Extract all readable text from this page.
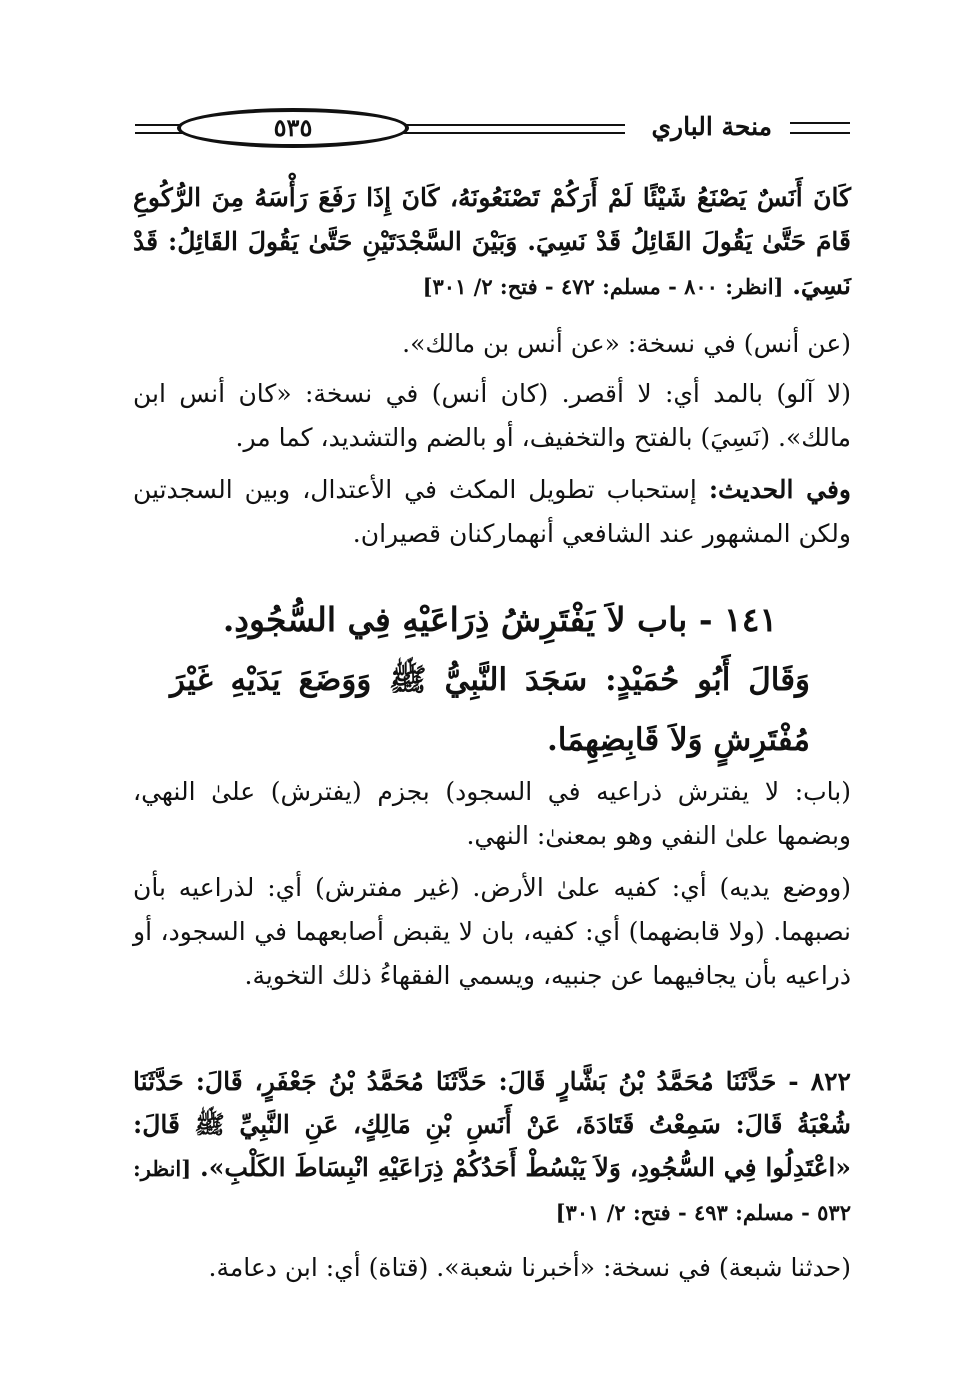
منحة الباري
٥٣٥
كَانَ أَنَسٌ يَصْنَعُ شَيْئًا لَمْ أَرَكُمْ تَصْنَعُونَهُ، كَانَ إِذَا رَفَعَ رَأْسَهُ مِنَ الرُّكُوعِ قَامَ حَتَّىٰ يَقُولَ القَائِلُ قَدْ نَسِيَ. وَبَيْنَ السَّجْدَتَيْنِ حَتَّىٰ يَقُولَ القَائِلُ: قَدْ نَسِيَ. [انظر: ٨٠٠ - مسلم: ٤٧٢ - فتح: ٢/ ٣٠١]
(عن أنس) في نسخة: «عن أنس بن مالك».
(لا آلو) بالمد أي: لا أقصر. (كان أنس) في نسخة: «كان أنس ابن مالك». (نَسِيَ) بالفتح والتخفيف، أو بالضم والتشديد، كما مر.
وفي الحديث: إستحباب تطويل المكث في الأعتدال، وبين السجدتين ولكن المشهور عند الشافعي أنهماركنان قصيران.
١٤١ - باب لاَ يَفْتَرِشُ ذِرَاعَيْهِ فِي السُّجُودِ.
وَقَالَ أَبُو حُمَيْدٍ: سَجَدَ النَّبِيُّ ﷺ وَوَضَعَ يَدَيْهِ غَيْرَ مُفْتَرِشٍ وَلاَ قَابِضِهِمَا.
(باب: لا يفترش ذراعيه في السجود) بجزم (يفترش) علىٰ النهي، وبضمها علىٰ النفي وهو بمعنىٰ: النهي.
(ووضع يديه) أي: كفيه علىٰ الأرض. (غير مفترش) أي: لذراعيه بأن نصبهما. (ولا قابضهما) أي: كفيه، بان لا يقبض أصابعهما في السجود، أو ذراعيه بأن يجافيهما عن جنبيه، ويسمي الفقهاءُ ذلك التخوية.
٨٢٢ - حَدَّثَنَا مُحَمَّدُ بْنُ بَشَّارٍ قَالَ: حَدَّثَنَا مُحَمَّدُ بْنُ جَعْفَرٍ، قَالَ: حَدَّثَنَا شُعْبَةُ قَالَ: سَمِعْتُ قَتَادَةَ، عَنْ أَنَسِ بْنِ مَالِكٍ، عَنِ النَّبِيِّ ﷺ قَالَ: «اعْتَدِلُوا فِي السُّجُودِ، وَلاَ يَبْسُطْ أَحَدُكُمْ ذِرَاعَيْهِ انْبِسَاطَ الكَلْبِ». [انظر: ٥٣٢ - مسلم: ٤٩٣ - فتح: ٢/ ٣٠١]
(حدثنا شبعة) في نسخة: «أخبرنا شعبة». (قتاة) أي: ابن دعامة.
